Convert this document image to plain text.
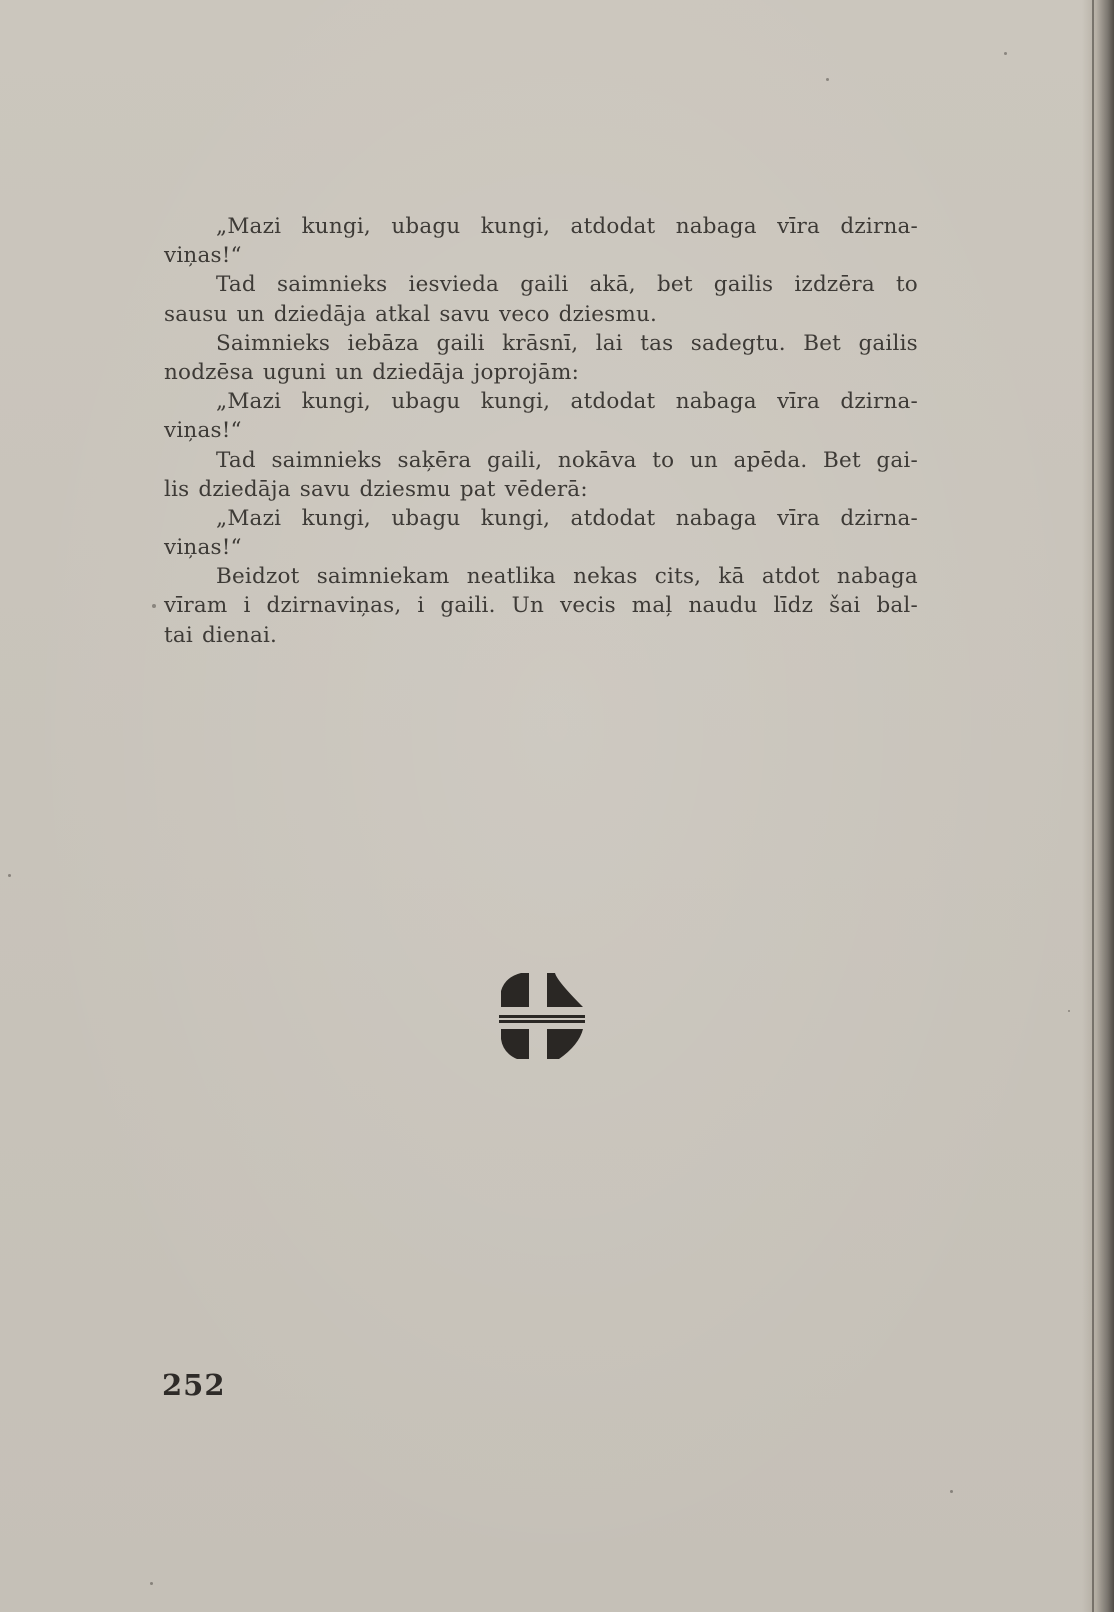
„Mazi kungi, ubagu kungi, atdodat nabaga vīra dzirna-
viņas!“
Tad saimnieks iesvieda gaili akā, bet gailis izdzēra to
sausu un dziedāja atkal savu veco dziesmu.
Saimnieks iebāza gaili krāsnī, lai tas sadegtu. Bet gailis
nodzēsa uguni un dziedāja joprojām:
„Mazi kungi, ubagu kungi, atdodat nabaga vīra dzirna-
viņas!“
Tad saimnieks saķēra gaili, nokāva to un apēda. Bet gai-
lis dziedāja savu dziesmu pat vēderā:
„Mazi kungi, ubagu kungi, atdodat nabaga vīra dzirna-
viņas!“
Beidzot saimniekam neatlika nekas cits, kā atdot nabaga
vīram i dzirnaviņas, i gaili. Un vecis maļ naudu līdz šai bal-
tai dienai.
252
